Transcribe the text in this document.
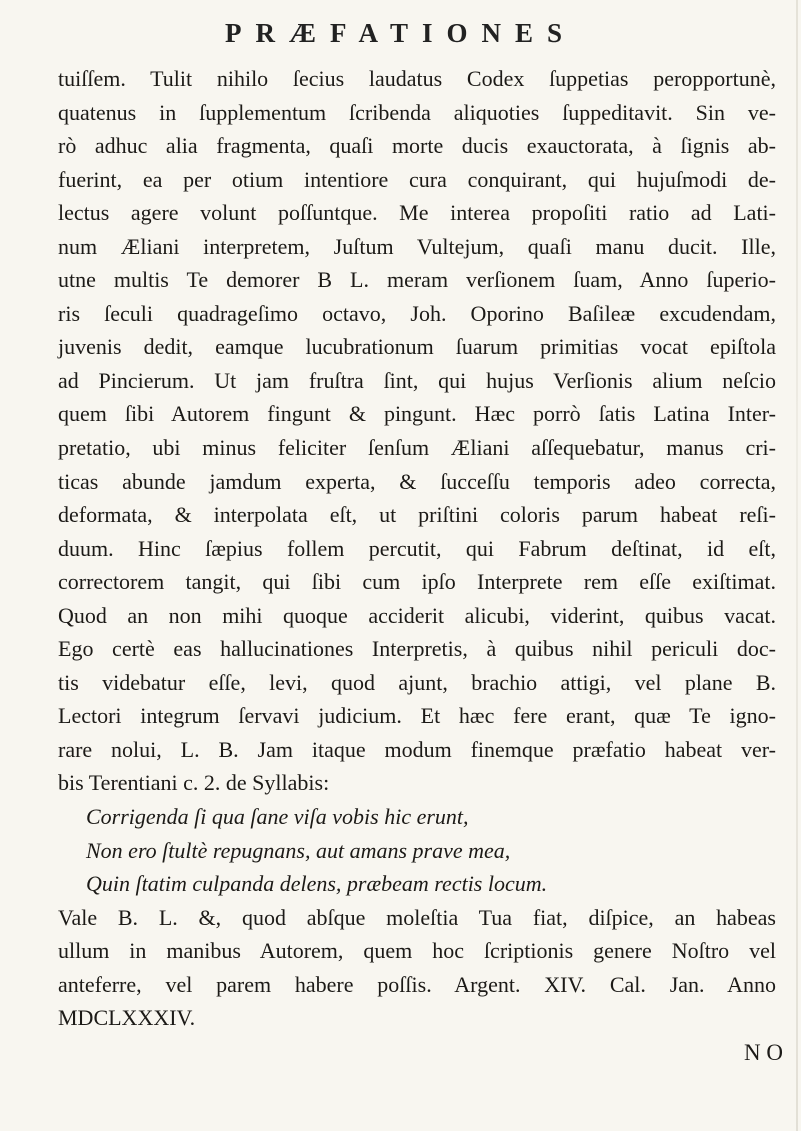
PRÆFATIONES
tuiſſem. Tulit nihilo ſecius laudatus Codex ſuppetias peropportunè,
quatenus in ſupplementum ſcribenda aliquoties ſuppeditavit. Sin ve-
rò adhuc alia fragmenta, quaſi morte ducis exauctorata, à ſignis ab-
fuerint, ea per otium intentiore cura conquirant, qui hujuſmodi de-
lectus agere volunt poſſuntque. Me interea propoſiti ratio ad Lati-
num Æliani interpretem, Juſtum Vultejum, quaſi manu ducit. Ille,
utne multis Te demorer B L. meram verſionem ſuam, Anno ſuperio-
ris ſeculi quadrageſimo octavo, Joh. Oporino Baſileæ excudendam,
juvenis dedit, eamque lucubrationum ſuarum primitias vocat epiſtola
ad Pincierum. Ut jam fruſtra ſint, qui hujus Verſionis alium neſcio
quem ſibi Autorem fingunt & pingunt. Hæc porrò ſatis Latina Inter-
pretatio, ubi minus feliciter ſenſum Æliani aſſequebatur, manus cri-
ticas abunde jamdum experta, & ſucceſſu temporis adeo correcta,
deformata, & interpolata eſt, ut priſtini coloris parum habeat reſi-
duum. Hinc ſæpius follem percutit, qui Fabrum deſtinat, id eſt,
correctorem tangit, qui ſibi cum ipſo Interprete rem eſſe exiſtimat.
Quod an non mihi quoque acciderit alicubi, viderint, quibus vacat.
Ego certè eas hallucinationes Interpretis, à quibus nihil periculi doc-
tis videbatur eſſe, levi, quod ajunt, brachio attigi, vel plane B.
Lectori integrum ſervavi judicium. Et hæc fere erant, quæ Te igno-
rare nolui, L. B. Jam itaque modum finemque præfatio habeat ver-
bis Terentiani c. 2. de Syllabis:
Corrigenda ſi qua ſane viſa vobis hic erunt,
Non ero ſtultè repugnans, aut amans prave mea,
Quin ſtatim culpanda delens, præbeam rectis locum.
Vale B. L. &, quod abſque moleſtia Tua fiat, diſpice, an habeas
ullum in manibus Autorem, quem hoc ſcriptionis genere Noſtro vel
anteferre, vel parem habere poſſis. Argent. XIV. Cal. Jan. Anno
MDCLXXXIV.
N O
